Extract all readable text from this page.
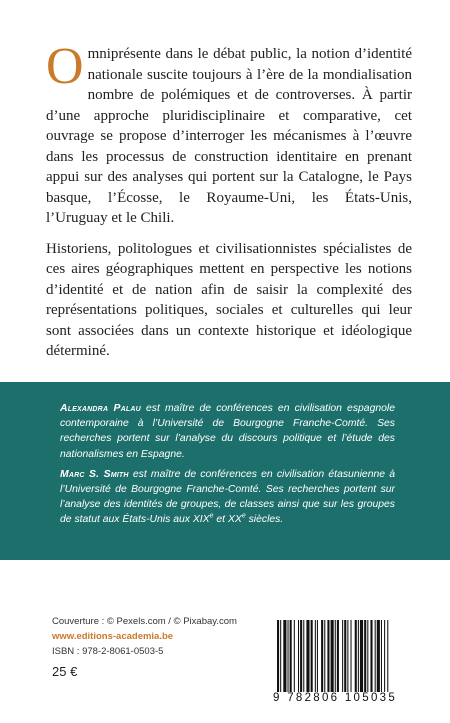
Omniprésente dans le débat public, la notion d’identité nationale suscite toujours à l’ère de la mondialisation nombre de polémiques et de controverses. À partir d’une approche pluridisciplinaire et comparative, cet ouvrage se propose d’interroger les mécanismes à l’œuvre dans les processus de construction identitaire en prenant appui sur des analyses qui portent sur la Catalogne, le Pays basque, l’Écosse, le Royaume-Uni, les États-Unis, l’Uruguay et le Chili.

Historiens, politologues et civilisationnistes spécialistes de ces aires géographiques mettent en perspective les notions d’identité et de nation afin de saisir la complexité des représentations politiques, sociales et culturelles qui leur sont associées dans un contexte historique et idéologique déterminé.

Alexandra Palau est maître de conférences en civilisation espagnole contemporaine à l’Université de Bourgogne Franche-Comté. Ses recherches portent sur l’analyse du discours politique et l’étude des nationalismes en Espagne.

Marc S. Smith est maître de conférences en civilisation étasunienne à l’Université de Bourgogne Franche-Comté. Ses recherches portent sur l’analyse des identités de groupes, de classes ainsi que sur les groupes de statut aux États-Unis aux XIXe et XXe siècles.

Couverture : © Pexels.com / © Pixabay.com
www.editions-academia.be
ISBN : 978-2-8061-0503-5
25 €
9 782806 105035
